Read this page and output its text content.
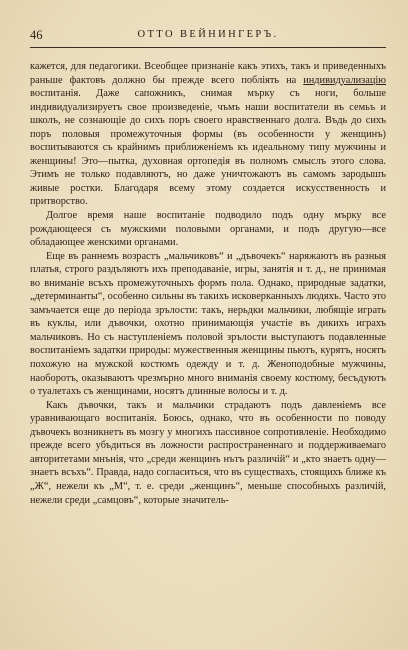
46	ОТТО ВЕЙНИНГЕРЪ.

кажется, для педагогики. Всеобщее признаніе какъ этихъ, такъ и приведенныхъ раньше фактовъ должно бы прежде всего побліять на индивидуализацію воспитанія. Даже сапожникъ, снимая мърку съ ноги, больше индивидуализируетъ свое произведеніе, чъмъ наши воспитатели въ семьъ и школъ, не сознающіе до сихъ поръ своего нравственнаго долга. Въдь до сихъ поръ половыя промежуточныя формы (въ особенности у женщинъ) воспитываются съ крайнимъ приближеніемъ къ идеальному типу мужчины и женщины! Это—пытка, духовная ортопедія въ полномъ смыслъ этого слова. Этимъ не только подавляютъ, но даже уничтожаютъ въ самомъ зародышъ живые ростки. Благодаря всему этому создается искусственность и притворство.

Долгое время наше воспитаніе подводило подъ одну мърку все рождающееся съ мужскими половыми органами, и подъ другую—все обладающее женскими органами.

Еще въ раннемъ возрастъ „мальчиковъ“ и „дъвочекъ“ наряжаютъ въ разныя платья, строго раздъляютъ ихъ преподаваніе, игры, занятія и т. д., не принимая во вниманіе всъхъ промежуточныхъ формъ пола. Однако, природные задатки, „детерминанты“, особенно сильны въ такихъ исковерканныхъ людяхъ. Часто это замъчается еще до періода зрълости: такъ, нерьдки мальчики, любящіе играть въ куклы, или дъвочки, охотно принимающія участіе въ дикихъ играхъ мальчиковъ. Но съ наступленіемъ половой зрълости выступаютъ подавленные воспитаніемъ задатки природы: мужественныя женщины пьютъ, курятъ, носятъ похожую на мужской костюмъ одежду и т. д. Женоподобные мужчины, наоборотъ, оказываютъ чрезмърно много вниманія своему костюму, бесъдуютъ о туалетахъ съ женщинами, носятъ длинные волосы и т. д.

Какъ дъвочки, такъ и мальчики страдаютъ подъ давленіемъ все уравнивающаго воспитанія. Боюсь, однако, что въ особенности по поводу дъвочекъ возникнетъ въ мозгу у многихъ пассивное сопротивленіе. Необходимо прежде всего убъдиться въ ложности распространеннаго и поддерживаемаго авторитетами мнънія, что „среди женщинъ нътъ различій“ и „кто знаетъ одну—знаетъ всъхъ“. Правда, надо согласиться, что въ существахъ, стоящихъ ближе къ „Ж“, нежели къ „М“, т. е. среди „женщинъ“, меньше способныхъ различій, нежели среди „самцовъ“, которые значитель-
